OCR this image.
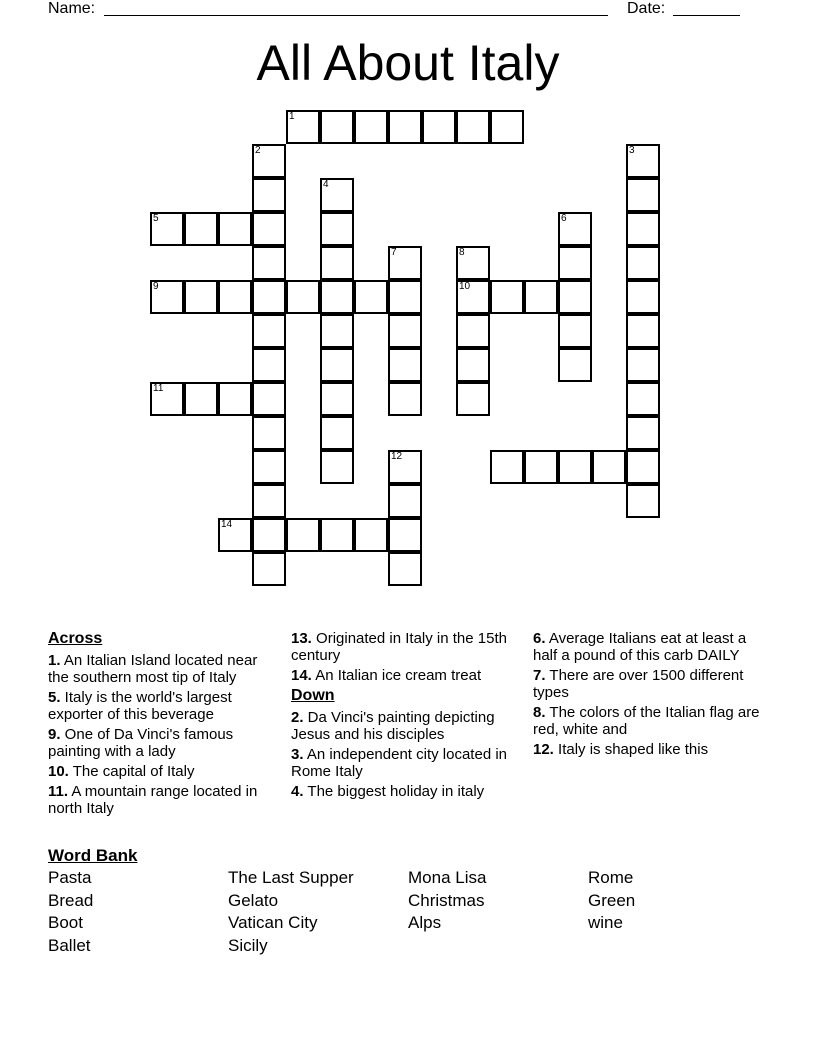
Name:	Date:
All About Italy
1
2
5
9
11
14
4
7
12
8
10
6
3
Across
1. An Italian Island located near the southern most tip of Italy
5. Italy is the world's largest exporter of this beverage
9. One of Da Vinci's famous painting with a lady
10. The capital of Italy
11. A mountain range located in north Italy
13. Originated in Italy in the 15th century
14. An Italian ice cream treat
Down
2. Da Vinci's painting depicting Jesus and his disciples
3. An independent city located in Rome Italy
4. The biggest holiday in italy
6. Average Italians eat at least a half a pound of this carb DAILY
7. There are over 1500 different types
8. The colors of the Italian flag are red, white and
12. Italy is shaped like this
Word Bank
Pasta
Bread
Boot
Ballet
The Last Supper
Gelato
Vatican City
Sicily
Mona Lisa
Christmas
Alps
Rome
Green
wine
